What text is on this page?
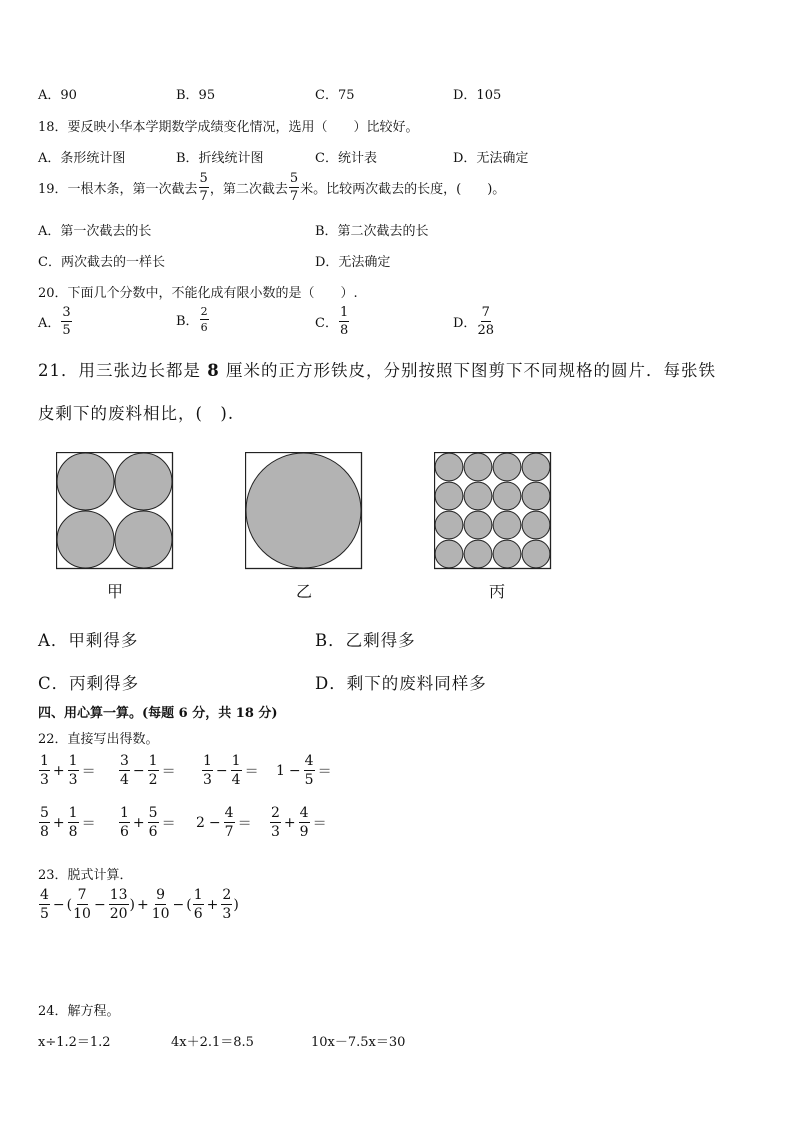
A．90	B．95	C．75	D．105
18．要反映小华本学期数学成绩变化情况，选用（　　）比较好。
A．条形统计图	B．折线统计图	C．统计表	D．无法确定
19．一根木条，第一次截去 $\frac{5}{7}$ ，第二次截去 $\frac{5}{7}$ 米。比较两次截去的长度，(　　)。
A．第一次截去的长	B．第二次截去的长
C．两次截去的一样长	D．无法确定
20．下面几个分数中，不能化成有限小数的是（　　）.
A． $\frac{3}{5}$	B． $\frac{2}{6}$	C． $\frac{1}{8}$	D． $\frac{7}{28}$
21．用三张边长都是 8 厘米的正方形铁皮，分别按照下图剪下不同规格的圆片．每张铁
皮剩下的废料相比，(　).
甲	乙	丙
A．甲剩得多	B．乙剩得多
C．丙剩得多	D．剩下的废料同样多
四、用心算一算。(每题 6 分，共 18 分)
22．直接写出得数。
$\frac{1}{3} + \frac{1}{3} = \frac{3}{4} - \frac{1}{2} = \frac{1}{3} - \frac{1}{4} = 1 - \frac{4}{5}$ ＝
$\frac{5}{8} + \frac{1}{8} = \frac{1}{6} + \frac{5}{6} = 2 - \frac{4}{7} = \frac{2}{3} + \frac{4}{9}$ ＝
23．脱式计算．
$\frac{4}{5}$ − ( $\frac{7}{10} - \frac{13}{20}$ ) + $\frac{9}{10}$ − ( $\frac{1}{6} + \frac{2}{3}$ )
24．解方程。
x÷1.2＝1.2	4x＋2.1＝8.5	10x－7.5x＝30
